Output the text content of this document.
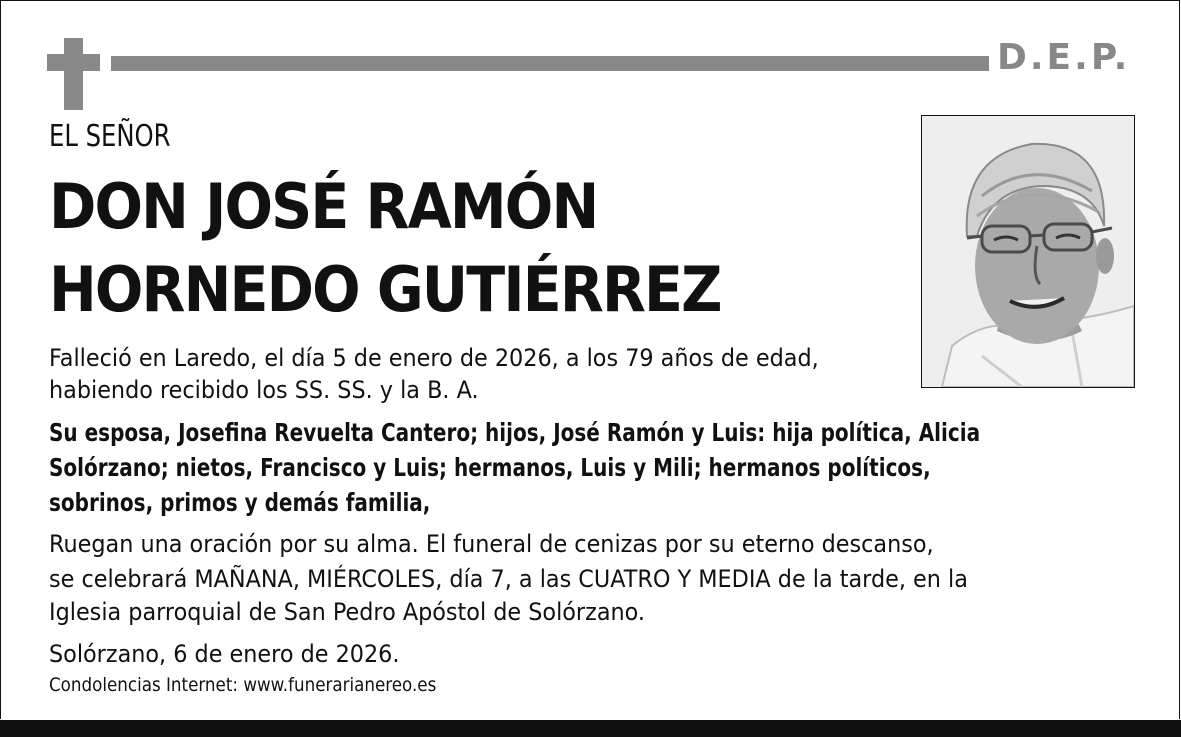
D.E.P.
EL SEÑOR
DON JOSÉ RAMÓN
HORNEDO GUTIÉRREZ
Falleció en Laredo, el día 5 de enero de 2026, a los 79 años de edad,
habiendo recibido los SS. SS. y la B. A.
Su esposa, Josefina Revuelta Cantero; hijos, José Ramón y Luis: hija política, Alicia
Solórzano; nietos, Francisco y Luis; hermanos, Luis y Mili; hermanos políticos,
sobrinos, primos y demás familia,
Ruegan una oración por su alma. El funeral de cenizas por su eterno descanso,
se celebrará MAÑANA, MIÉRCOLES, día 7, a las CUATRO Y MEDIA de la tarde, en la
Iglesia parroquial de San Pedro Apóstol de Solórzano.
Solórzano, 6 de enero de 2026.
Condolencias Internet: www.funerarianereo.es
